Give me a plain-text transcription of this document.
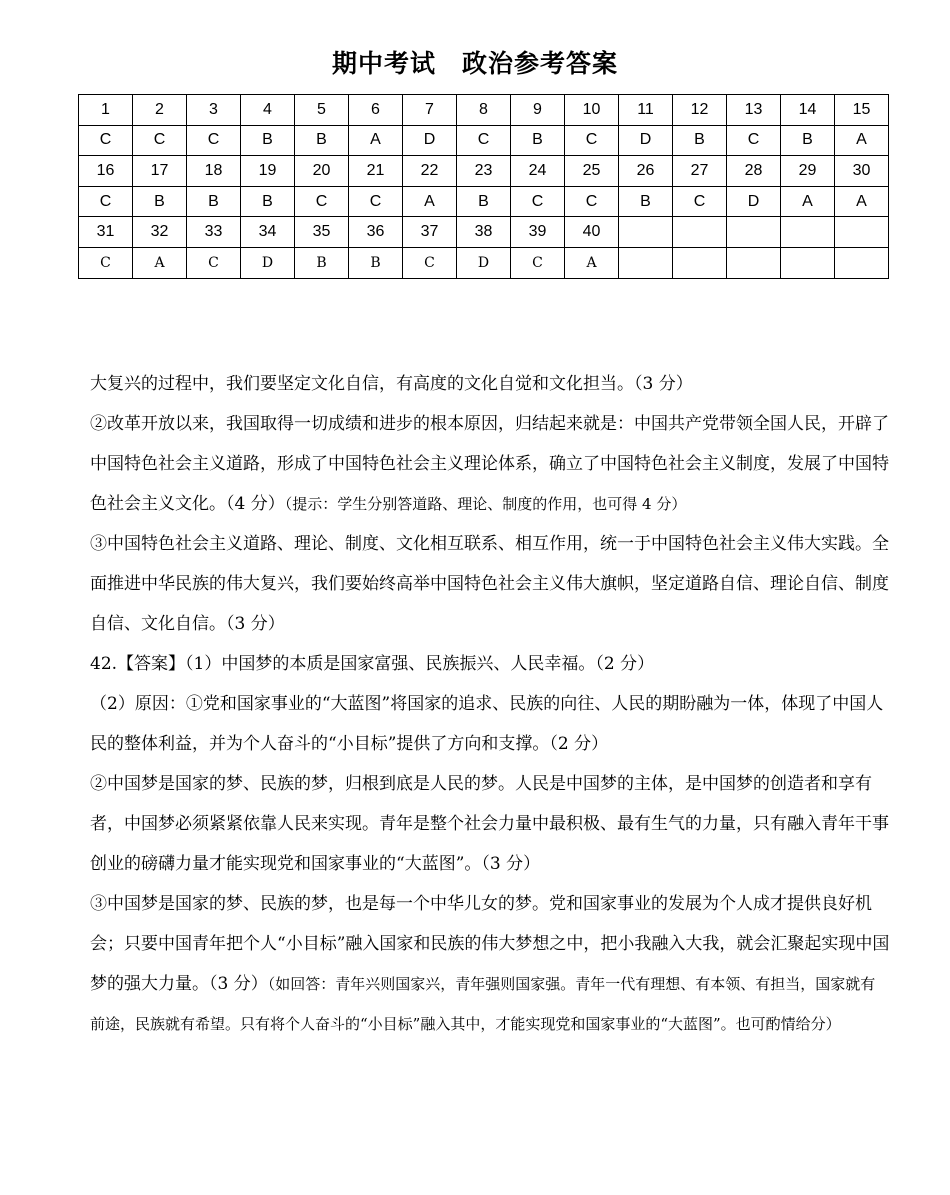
期中考试　政治参考答案
1	2	3	4	5	6	7	8	9	10	11	12	13	14	15
C	C	C	B	B	A	D	C	B	C	D	B	C	B	A
16	17	18	19	20	21	22	23	24	25	26	27	28	29	30
C	B	B	B	C	C	A	B	C	C	B	C	D	A	A
31	32	33	34	35	36	37	38	39	40					
C	A	C	D	B	B	C	D	C	A					

大复兴的过程中，我们要坚定文化自信，有高度的文化自觉和文化担当。（3 分）

②改革开放以来，我国取得一切成绩和进步的根本原因，归结起来就是：中国共产党带领全国人民，开辟了中国特色社会主义道路，形成了中国特色社会主义理论体系，确立了中国特色社会主义制度，发展了中国特色社会主义文化。（4 分）（提示：学生分别答道路、理论、制度的作用，也可得 4 分）

③中国特色社会主义道路、理论、制度、文化相互联系、相互作用，统一于中国特色社会主义伟大实践。全面推进中华民族的伟大复兴，我们要始终高举中国特色社会主义伟大旗帜，坚定道路自信、理论自信、制度自信、文化自信。（3 分）

42.【答案】（1）中国梦的本质是国家富强、民族振兴、人民幸福。（2 分）

（2）原因：①党和国家事业的“大蓝图”将国家的追求、民族的向往、人民的期盼融为一体，体现了中国人民的整体利益，并为个人奋斗的“小目标”提供了方向和支撑。（2 分）

②中国梦是国家的梦、民族的梦，归根到底是人民的梦。人民是中国梦的主体，是中国梦的创造者和享有者，中国梦必须紧紧依靠人民来实现。青年是整个社会力量中最积极、最有生气的力量，只有融入青年干事创业的磅礴力量才能实现党和国家事业的“大蓝图”。（3 分）

③中国梦是国家的梦、民族的梦，也是每一个中华儿女的梦。党和国家事业的发展为个人成才提供良好机会；只要中国青年把个人“小目标”融入国家和民族的伟大梦想之中，把小我融入大我，就会汇聚起实现中国梦的强大力量。（3 分）（如回答：青年兴则国家兴，青年强则国家强。青年一代有理想、有本领、有担当，国家就有前途，民族就有希望。只有将个人奋斗的“小目标”融入其中，才能实现党和国家事业的“大蓝图”。也可酌情给分）
